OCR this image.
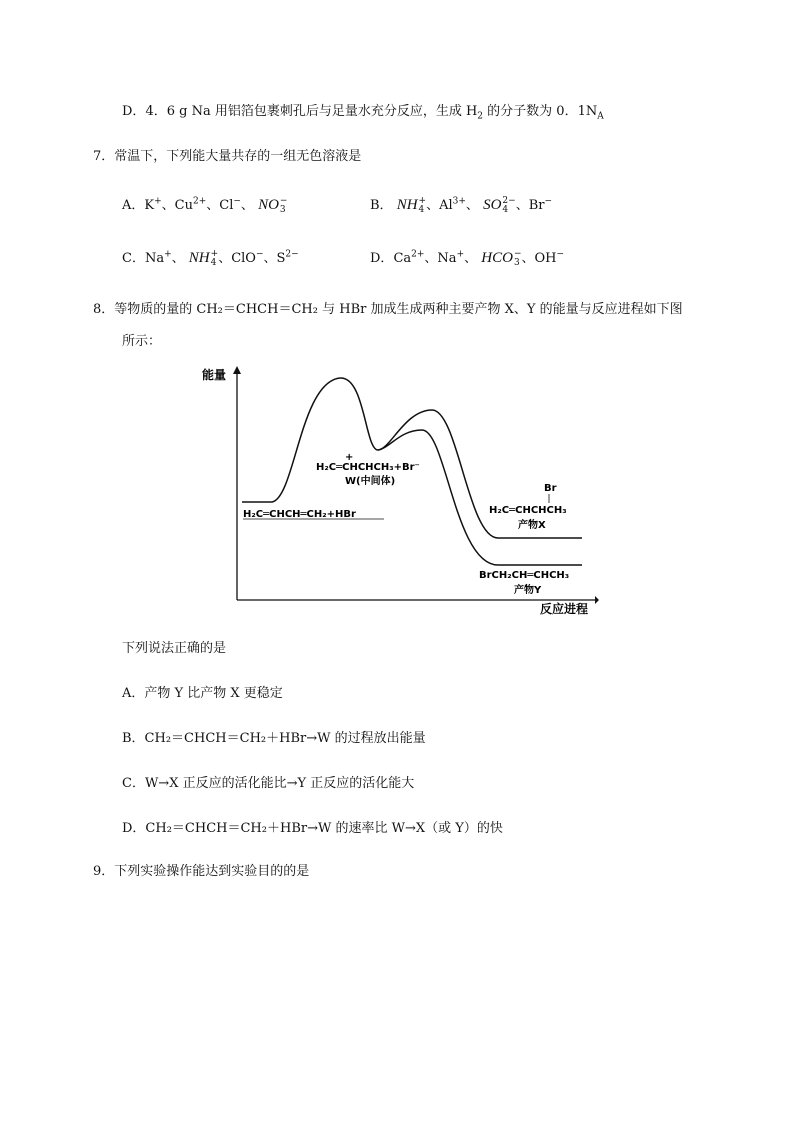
D．4．6 g Na 用铝箔包裹刺孔后与足量水充分反应，生成 $H_2$ 的分子数为 0．$1N_A$
7．常温下，下列能大量共存的一组无色溶液是
A．K+、$Cu^{2+}$、Cl−、 NO −
3	B． NH +
4 、$Al^{3+}$、 SO 2−
4 、Br−
C．Na+、 NH +
4 、ClO−、$S^{2-}$	D．$Ca^{2+}$、Na+、 HCO −
3 、OH−
8．等物质的量的 CH₂＝CHCH＝CH₂ 与 HBr 加成生成两种主要产物 X、Y 的能量与反应进程如下图
所示：
能量
反应进程
H₂C═CHCH═CH₂+HBr
+
H₂C═CHCHCH₃+Br⁻
W(中间体)
Br
H₂C═CHCHCH₃
产物X
BrCH₂CH═CHCH₃
产物Y
下列说法正确的是
A．产物 Y 比产物 X 更稳定
B．CH₂＝CHCH＝CH₂＋HBr→W 的过程放出能量
C．W→X 正反应的活化能比→Y 正反应的活化能大
D．CH₂＝CHCH＝CH₂＋HBr→W 的速率比 W→X（或 Y）的快
9．下列实验操作能达到实验目的的是
